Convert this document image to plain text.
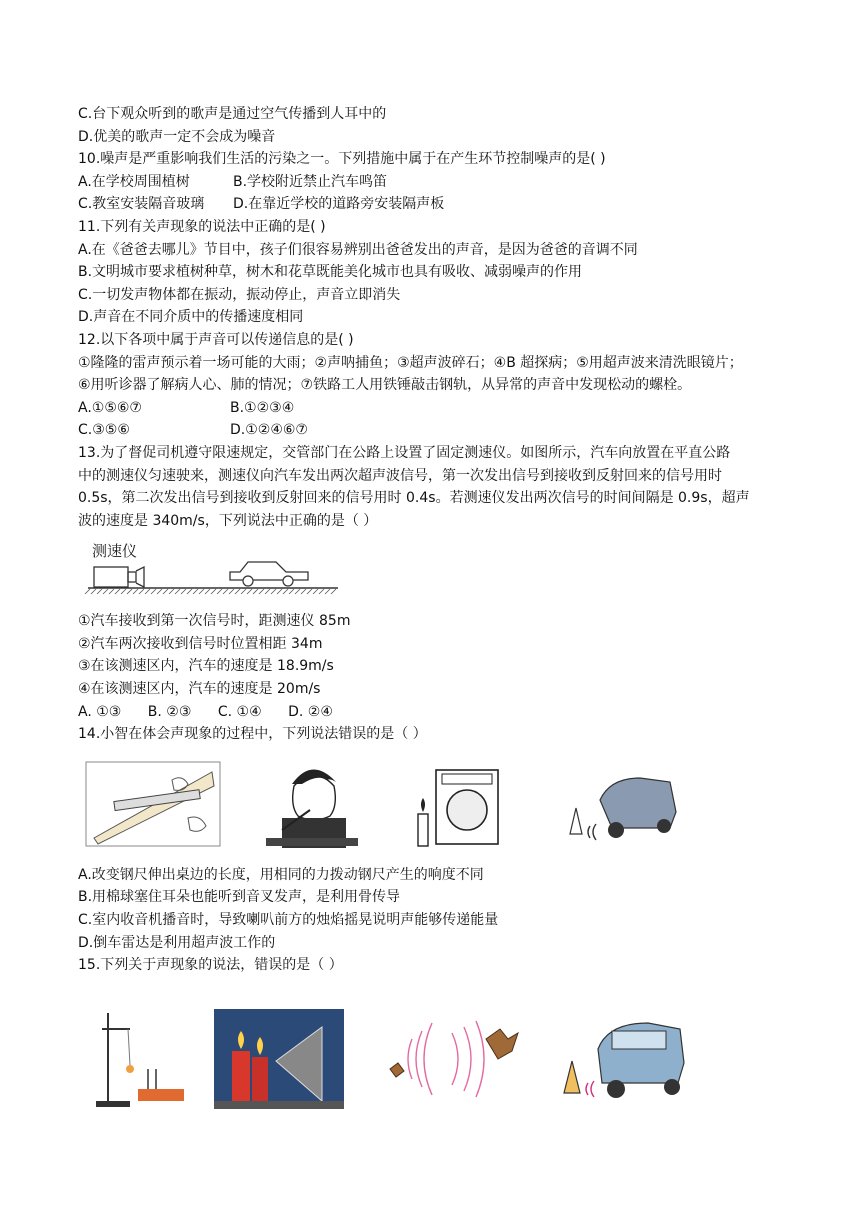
C.台下观众听到的歌声是通过空气传播到人耳中的
D.优美的歌声一定不会成为噪音
10.噪声是严重影响我们生活的污染之一。下列措施中属于在产生环节控制噪声的是( )
A.在学校周围植树	B.学校附近禁止汽车鸣笛
C.教室安装隔音玻璃	D.在靠近学校的道路旁安装隔声板
11.下列有关声现象的说法中正确的是( )
A.在《爸爸去哪儿》节目中，孩子们很容易辨别出爸爸发出的声音，是因为爸爸的音调不同
B.文明城市要求植树种草，树木和花草既能美化城市也具有吸收、减弱噪声的作用
C.一切发声物体都在振动，振动停止，声音立即消失
D.声音在不同介质中的传播速度相同
12.以下各项中属于声音可以传递信息的是( )
①隆隆的雷声预示着一场可能的大雨；②声呐捕鱼；③超声波碎石；④B 超探病；⑤用超声波来清洗眼镜片；
⑥用听诊器了解病人心、肺的情况；⑦铁路工人用铁锤敲击钢轨，从异常的声音中发现松动的螺栓。
A.①⑤⑥⑦	B.①②③④
C.③⑤⑥	D.①②④⑥⑦
13.为了督促司机遵守限速规定，交管部门在公路上设置了固定测速仪。如图所示，汽车向放置在平直公路
中的测速仪匀速驶来，测速仪向汽车发出两次超声波信号，第一次发出信号到接收到反射回来的信号用时
0.5s，第二次发出信号到接收到反射回来的信号用时 0.4s。若测速仪发出两次信号的时间间隔是 0.9s，超声
波的速度是 340m/s，下列说法中正确的是（ ）
测速仪
①汽车接收到第一次信号时，距测速仪 85m
②汽车两次接收到信号时位置相距 34m
③在该测速区内，汽车的速度是 18.9m/s
④在该测速区内，汽车的速度是 20m/s
A. ①③ B. ②③ C. ①④ D. ②④
14.小智在体会声现象的过程中，下列说法错误的是（ ）
A.改变钢尺伸出桌边的长度，用相同的力拨动钢尺产生的响度不同
B.用棉球塞住耳朵也能听到音叉发声，是利用骨传导
C.室内收音机播音时，导致喇叭前方的烛焰摇晃说明声能够传递能量
D.倒车雷达是利用超声波工作的
15.下列关于声现象的说法，错误的是（ ）
